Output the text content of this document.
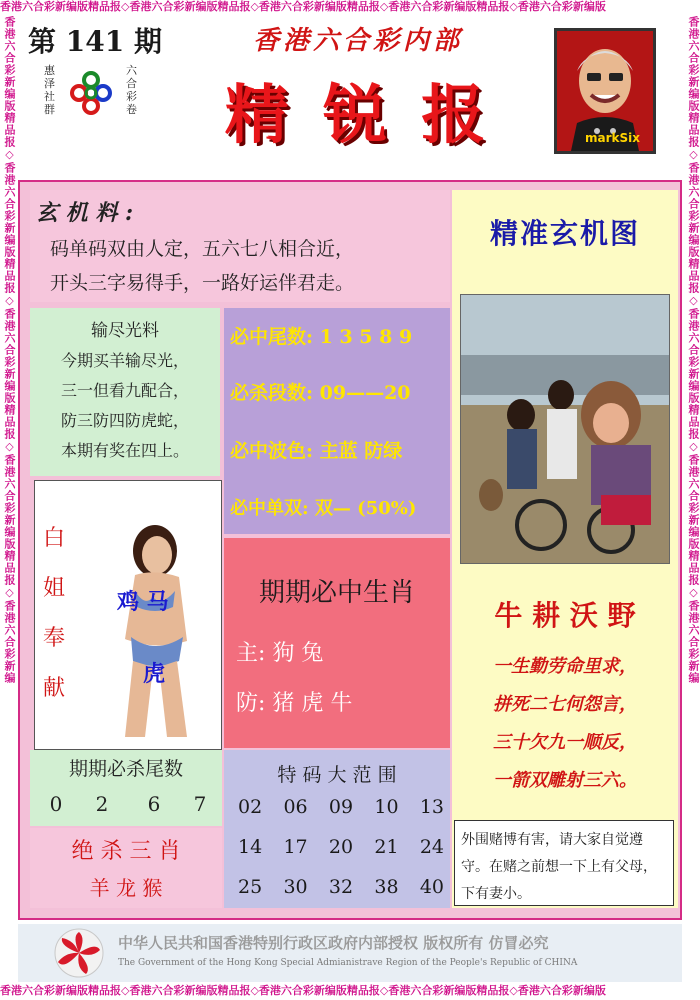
香港六合彩新编版精品报◇香港六合彩新编版精品报◇香港六合彩新编版精品报◇香港六合彩新编版精品报◇香港六合彩新编版
香港六合彩新编版精品报◇香港六合彩新编版精品报◇香港六合彩新编版精品报◇香港六合彩新编版精品报◇香港六合彩新编版
香港六合彩新编版精品报◇香港六合彩新编版精品报◇香港六合彩新编版精品报◇香港六合彩新编版精品报◇香港六合彩新编	香港六合彩新编版精品报◇香港六合彩新编版精品报◇香港六合彩新编版精品报◇香港六合彩新编版精品报◇香港六合彩新编
第 141 期
惠泽社群
六合彩卷
香港六合彩内部
精 锐 报	markSix
玄 机 料 :
码单码双由人定，五六七八相合近，
开头三字易得手，一路好运伴君走。
输尽光料
今期买羊输尽光，
三一但看九配合，
防三防四防虎蛇，
本期有奖在四上。
必中尾数: 1 3 5 8 9
必杀段数: 09——20
必中波色: 主蓝 防绿
必中单双: 双— (50%)
白
姐
奉
献
鸡 马
虎
期期必中生肖
主: 狗 兔
防: 猪 虎 牛
期期必杀尾数
0	2	6	7
绝 杀 三 肖
羊 龙 猴
特 码 大 范 围
02 06 09 10 13
14 17 20 21 24
25 30 32 38 40
精准玄机图
牛 耕 沃 野
一生勤劳命里求，
拼死二七何怨言，
三十欠九一顺反，
一箭双雕射三六。
外围赌博有害，请大家自觉遵守。在赌之前想一下上有父母，下有妻小。
中华人民共和国香港特别行政区政府内部授权 版权所有 仿冒必究
The Government of the Hong Kong Special Admianistrave Region of the People's Republic of CHINA
